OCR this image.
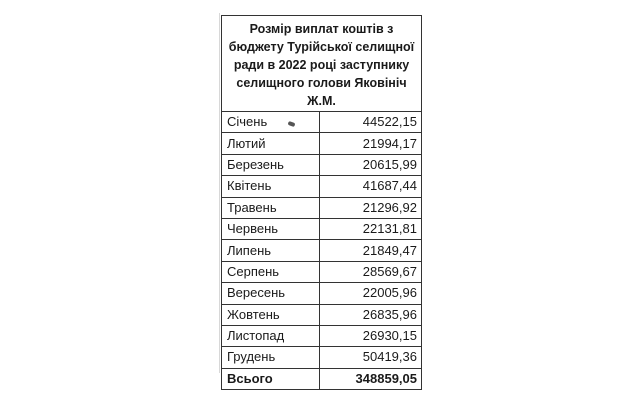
Розмір виплат коштів з бюджету Турійської селищної ради в 2022 році заступнику селищного голови Яковініч Ж.М.	
Січень	44522,15
Лютий	21994,17
Березень	20615,99
Квітень	41687,44
Травень	21296,92
Червень	22131,81
Липень	21849,47
Серпень	28569,67
Вересень	22005,96
Жовтень	26835,96
Листопад	26930,15
Грудень	50419,36
Всього	348859,05
